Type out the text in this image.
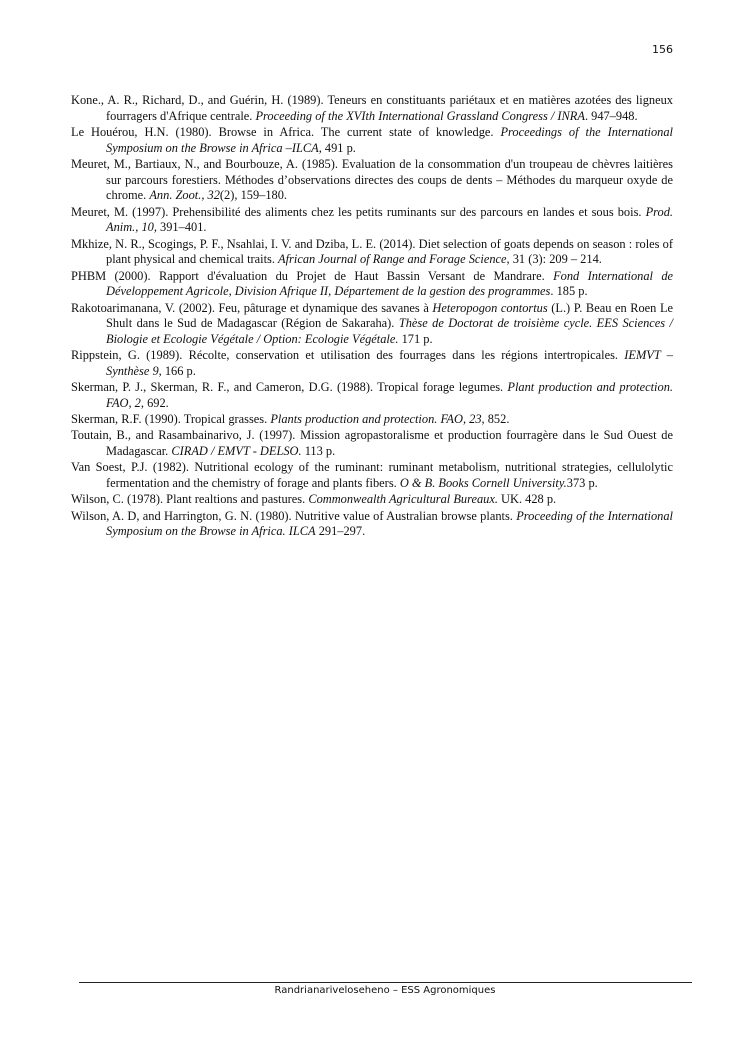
156

Kone., A. R., Richard, D., and Guérin, H. (1989). Teneurs en constituants pariétaux et en matières azotées des ligneux fourragers d'Afrique centrale. Proceeding of the XVIth International Grassland Congress / INRA. 947–948.

Le Houérou, H.N. (1980). Browse in Africa. The current state of knowledge. Proceedings of the International Symposium on the Browse in Africa –ILCA, 491 p.

Meuret, M., Bartiaux, N., and Bourbouze, A. (1985). Evaluation de la consommation d'un troupeau de chèvres laitières sur parcours forestiers. Méthodes d’observations directes des coups de dents – Méthodes du marqueur oxyde de chrome. Ann. Zoot., 32(2), 159–180.

Meuret, M. (1997). Prehensibilité des aliments chez les petits ruminants sur des parcours en landes et sous bois. Prod. Anim., 10, 391–401.

Mkhize, N. R., Scogings, P. F., Nsahlai, I. V. and Dziba, L. E. (2014). Diet selection of goats depends on season : roles of plant physical and chemical traits. African Journal of Range and Forage Science, 31 (3): 209 – 214.

PHBM (2000). Rapport d'évaluation du Projet de Haut Bassin Versant de Mandrare. Fond International de Développement Agricole, Division Afrique II, Département de la gestion des programmes. 185 p.

Rakotoarimanana, V. (2002). Feu, pâturage et dynamique des savanes à Heteropogon contortus (L.) P. Beau en Roen Le Shult dans le Sud de Madagascar (Région de Sakaraha). Thèse de Doctorat de troisième cycle. EES Sciences / Biologie et Ecologie Végétale / Option: Ecologie Végétale. 171 p.

Rippstein, G. (1989). Récolte, conservation et utilisation des fourrages dans les régions intertropicales. IEMVT – Synthèse 9, 166 p.

Skerman, P. J., Skerman, R. F., and Cameron, D.G. (1988). Tropical forage legumes. Plant production and protection. FAO, 2, 692.

Skerman, R.F. (1990). Tropical grasses. Plants production and protection. FAO, 23, 852.

Toutain, B., and Rasambainarivo, J. (1997). Mission agropastoralisme et production fourragère dans le Sud Ouest de Madagascar. CIRAD / EMVT - DELSO. 113 p.

Van Soest, P.J. (1982). Nutritional ecology of the ruminant: ruminant metabolism, nutritional strategies, cellulolytic fermentation and the chemistry of forage and plants fibers. O & B. Books Cornell University.373 p.

Wilson, C. (1978). Plant realtions and pastures. Commonwealth Agricultural Bureaux. UK. 428 p.

Wilson, A. D, and Harrington, G. N. (1980). Nutritive value of Australian browse plants. Proceeding of the International Symposium on the Browse in Africa. ILCA 291–297.

Randrianariveloseheno – ESS Agronomiques
